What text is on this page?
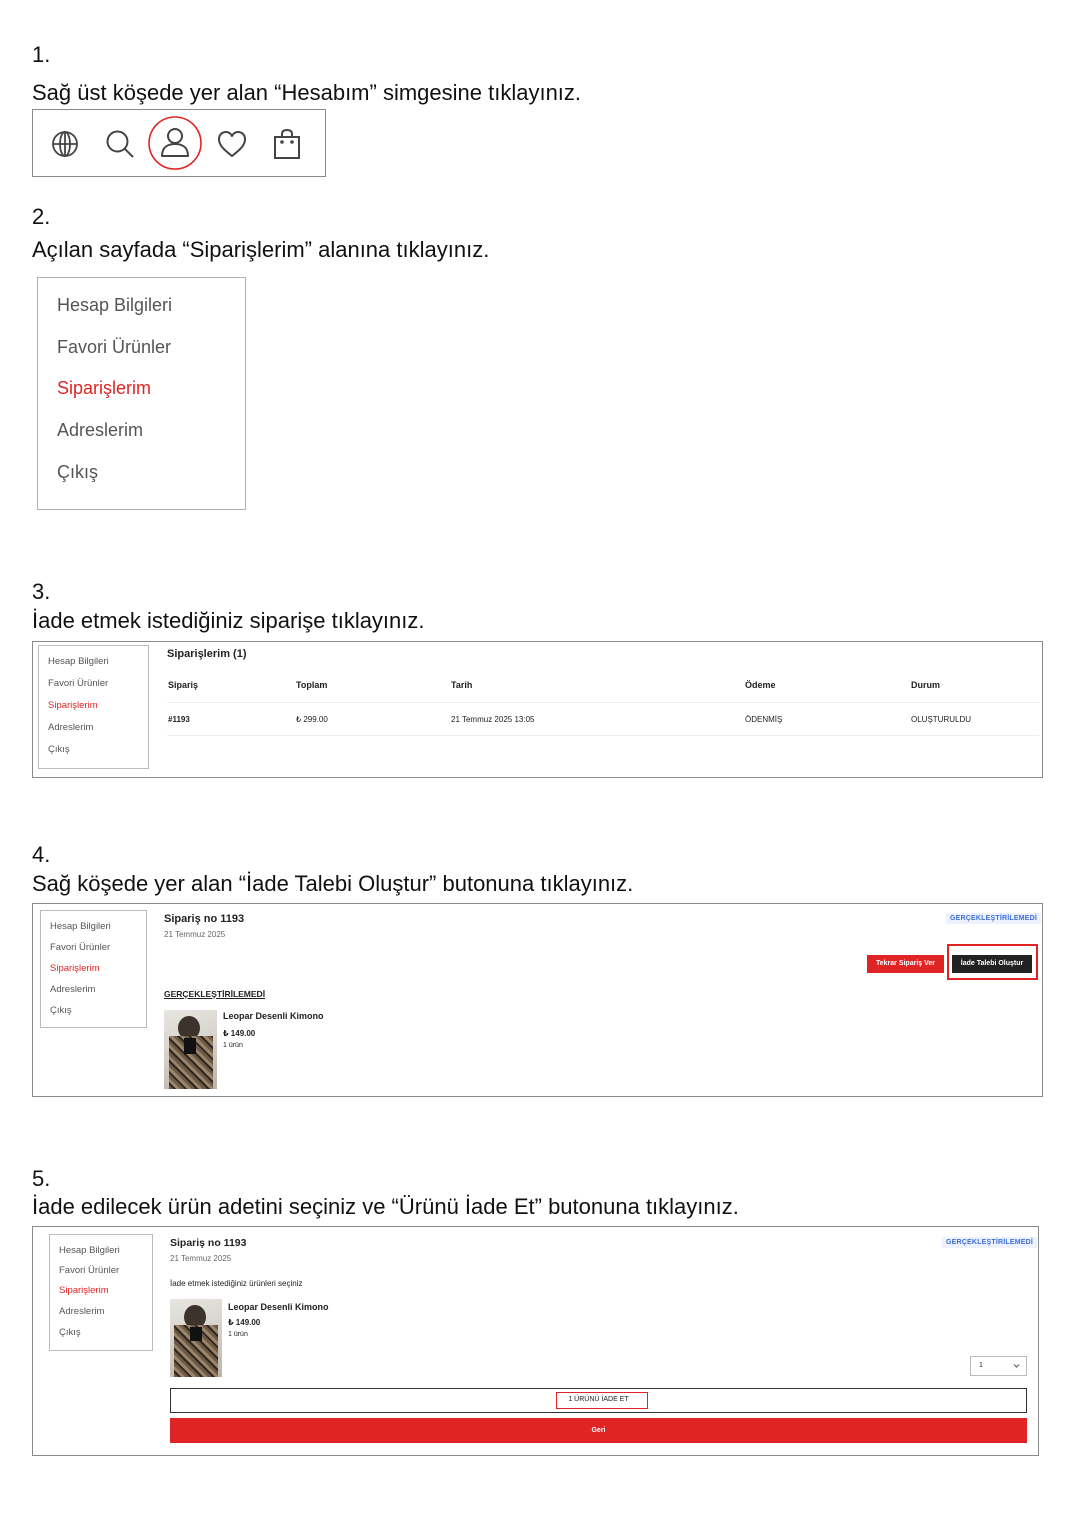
1.
Sağ üst köşede yer alan “Hesabım” simgesine tıklayınız.
2.
Açılan sayfada “Siparişlerim” alanına tıklayınız.
Hesap Bilgileri
Favori Ürünler
Siparişlerim
Adreslerim
Çıkış
3.
İade etmek istediğiniz siparişe tıklayınız.
Hesap Bilgileri
Favori Ürünler
Siparişlerim
Adreslerim
Çıkış
Siparişlerim (1)
Sipariş	Toplam	Tarih	Ödeme	Durum
#1193	₺ 299.00	21 Temmuz 2025 13:05	ÖDENMİŞ	OLUŞTURULDU
4.
Sağ köşede yer alan “İade Talebi Oluştur” butonuna tıklayınız.
Hesap Bilgileri
Favori Ürünler
Siparişlerim
Adreslerim
Çıkış
Sipariş no 1193
21 Temmuz 2025
GERÇEKLEŞTİRİLEMEDİ
Tekrar Sipariş Ver	İade Talebi Oluştur
GERÇEKLEŞTİRİLEMEDİ
Leopar Desenli Kimono
₺ 149.00
1 ürün
5.
İade edilecek ürün adetini seçiniz ve “Ürünü İade Et” butonuna tıklayınız.
Hesap Bilgileri
Favori Ürünler
Siparişlerim
Adreslerim
Çıkış
Sipariş no 1193
21 Temmuz 2025
GERÇEKLEŞTİRİLEMEDİ
İade etmek istediğiniz ürünleri seçiniz
Leopar Desenli Kimono
₺ 149.00
1 ürün
1
1 ÜRÜNÜ İADE ET
Geri
